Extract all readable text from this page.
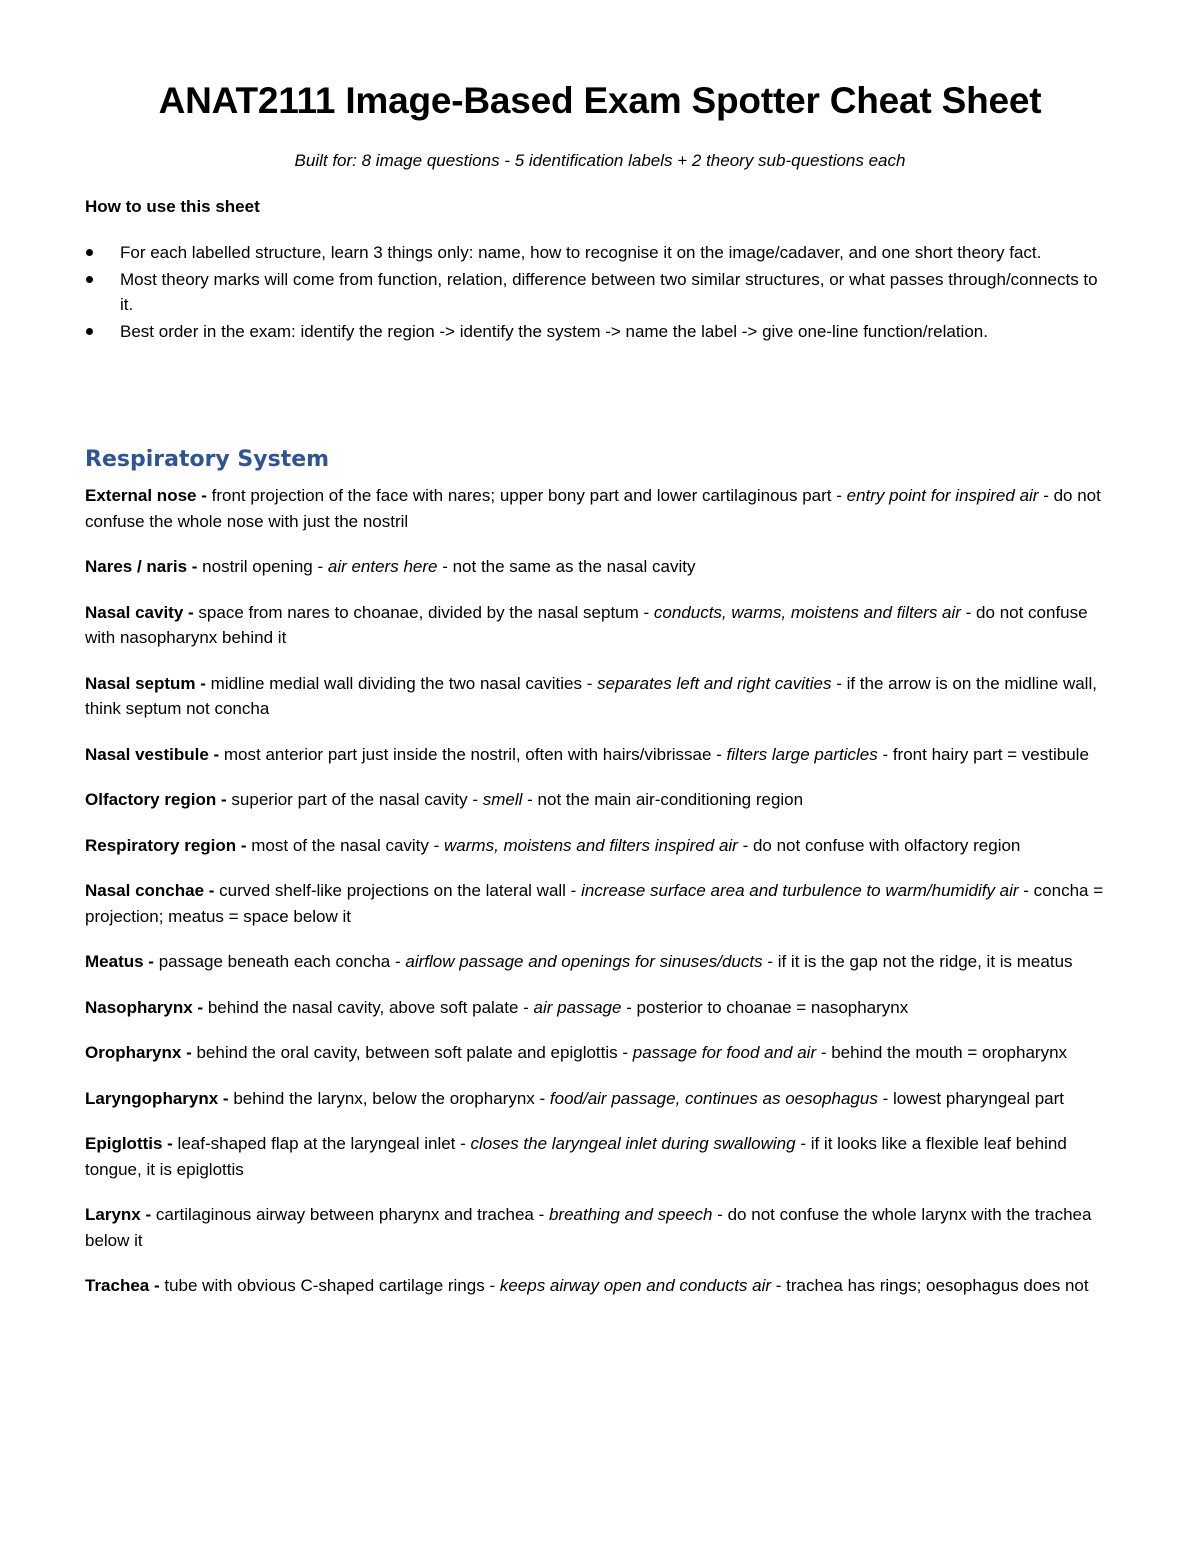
ANAT2111 Image-Based Exam Spotter Cheat Sheet

Built for: 8 image questions - 5 identification labels + 2 theory sub-questions each

How to use this sheet

For each labelled structure, learn 3 things only: name, how to recognise it on the image/cadaver, and one short theory fact.
Most theory marks will come from function, relation, difference between two similar structures, or what passes through/connects to it.
Best order in the exam: identify the region -> identify the system -> name the label -> give one-line function/relation.
Respiratory System

External nose - front projection of the face with nares; upper bony part and lower cartilaginous part - entry point for inspired air - do not confuse the whole nose with just the nostril

Nares / naris - nostril opening - air enters here - not the same as the nasal cavity

Nasal cavity - space from nares to choanae, divided by the nasal septum - conducts, warms, moistens and filters air - do not confuse with nasopharynx behind it

Nasal septum - midline medial wall dividing the two nasal cavities - separates left and right cavities - if the arrow is on the midline wall, think septum not concha

Nasal vestibule - most anterior part just inside the nostril, often with hairs/vibrissae - filters large particles - front hairy part = vestibule

Olfactory region - superior part of the nasal cavity - smell - not the main air-conditioning region

Respiratory region - most of the nasal cavity - warms, moistens and filters inspired air - do not confuse with olfactory region

Nasal conchae - curved shelf-like projections on the lateral wall - increase surface area and turbulence to warm/humidify air - concha = projection; meatus = space below it

Meatus - passage beneath each concha - airflow passage and openings for sinuses/ducts - if it is the gap not the ridge, it is meatus

Nasopharynx - behind the nasal cavity, above soft palate - air passage - posterior to choanae = nasopharynx

Oropharynx - behind the oral cavity, between soft palate and epiglottis - passage for food and air - behind the mouth = oropharynx

Laryngopharynx - behind the larynx, below the oropharynx - food/air passage, continues as oesophagus - lowest pharyngeal part

Epiglottis - leaf-shaped flap at the laryngeal inlet - closes the laryngeal inlet during swallowing - if it looks like a flexible leaf behind tongue, it is epiglottis

Larynx - cartilaginous airway between pharynx and trachea - breathing and speech - do not confuse the whole larynx with the trachea below it

Trachea - tube with obvious C-shaped cartilage rings - keeps airway open and conducts air - trachea has rings; oesophagus does not
